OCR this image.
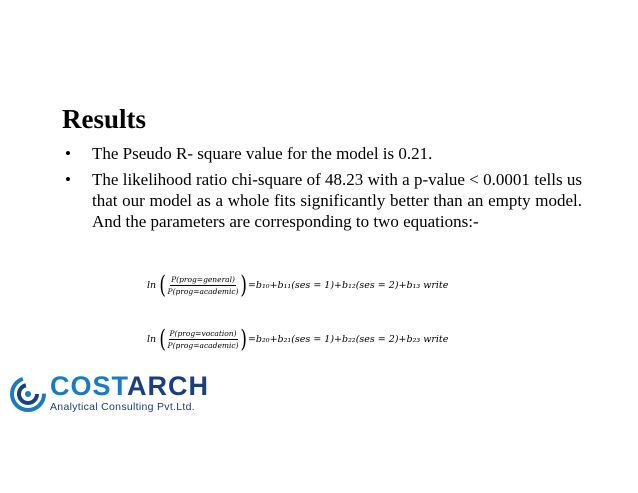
Results
• The Pseudo R- square value for the model is 0.21.
• The likelihood ratio chi-square of 48.23 with a p-value < 0.0001 tells us that our model as a whole fits significantly better than an empty model. And the parameters are corresponding to two equations:-
ln ( $\frac{\text{P(prog=general)}}{\text{P(prog=academic)}}$ ) =b₁₀+b₁₁(ses = 1)+b₁₂(ses = 2)+b₁₃ write
ln ( $\frac{\text{P(prog=vocation)}}{\text{P(prog=academic)}}$ ) =b₂₀+b₂₁(ses = 1)+b₂₂(ses = 2)+b₂₃ write
COSTARCH
Analytical Consulting Pvt.Ltd.
